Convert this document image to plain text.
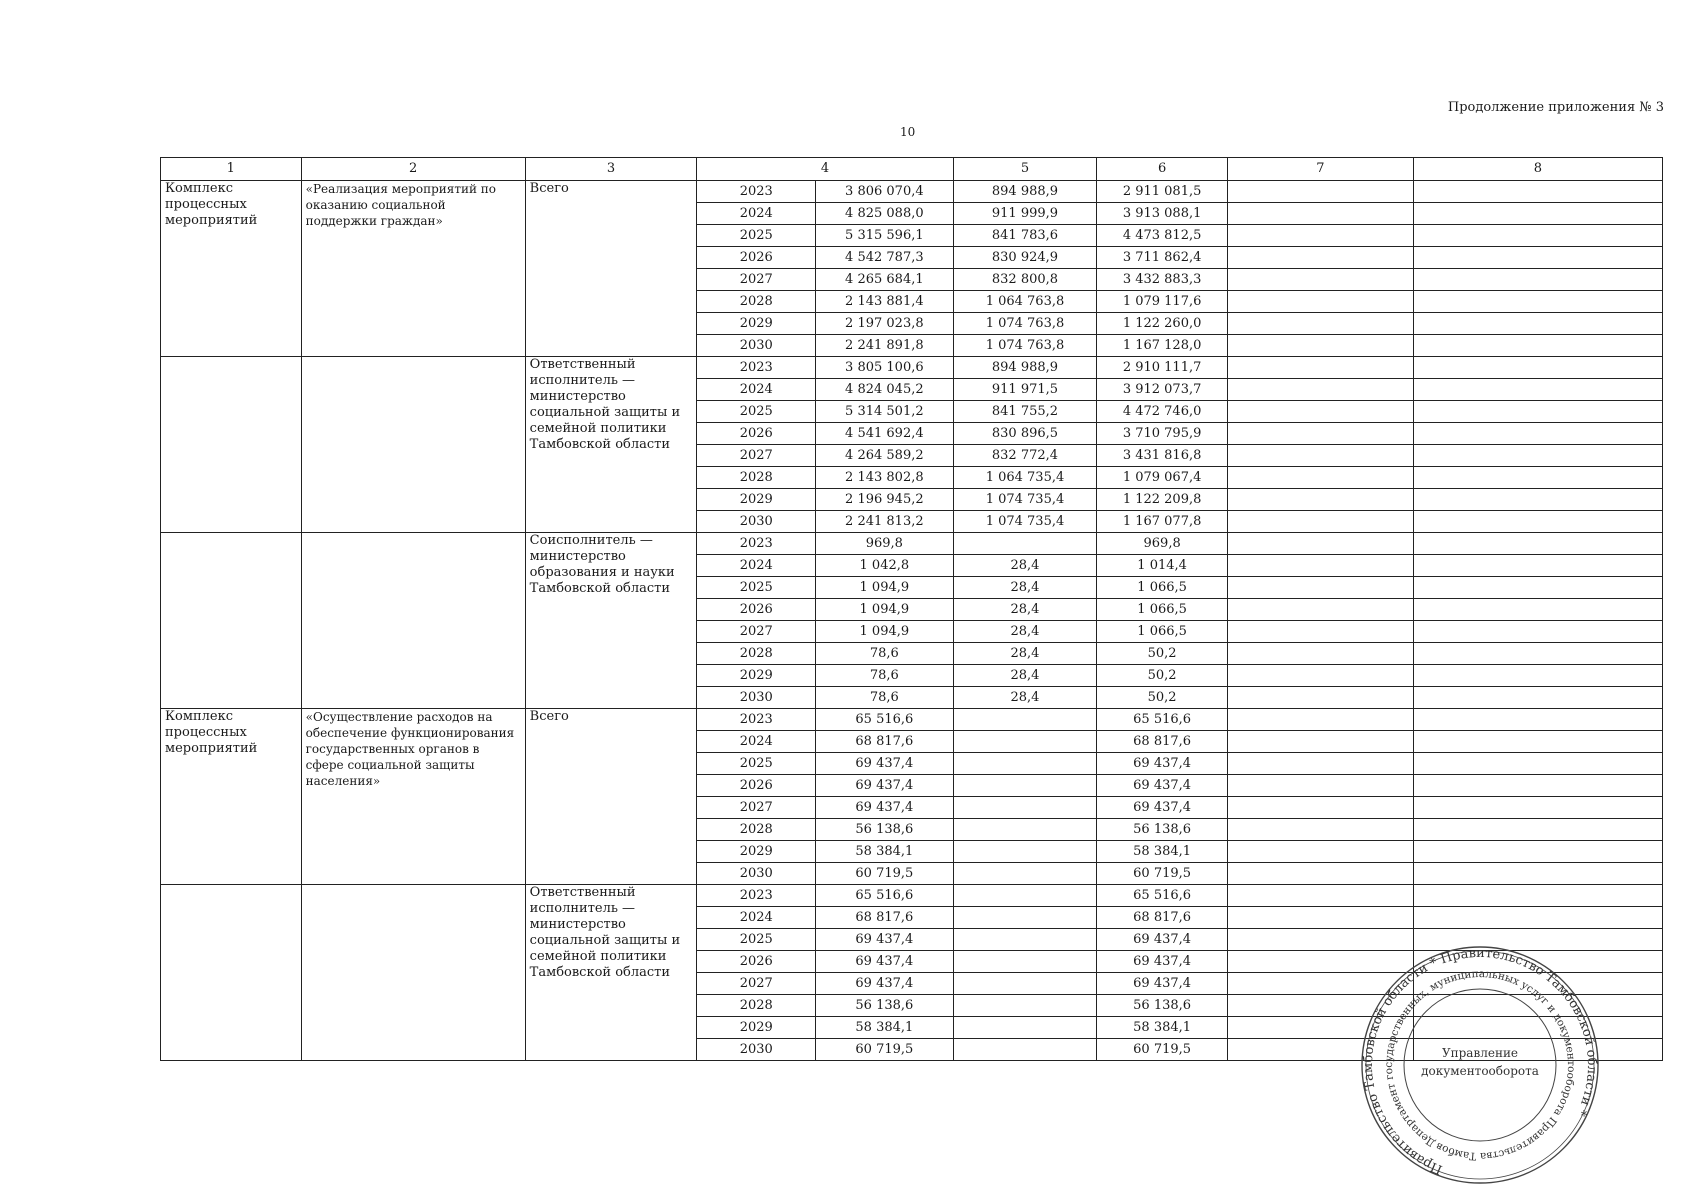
Продолжение приложения № 3
10
1	2	3	4		5	6	7	8
Комплекс процессных мероприятий	«Реализация мероприятий по оказанию социальной поддержки граждан»	Всего	2023	3 806 070,4	894 988,9	2 911 081,5		
			2024	4 825 088,0	911 999,9	3 913 088,1		
			2025	5 315 596,1	841 783,6	4 473 812,5		
			2026	4 542 787,3	830 924,9	3 711 862,4		
			2027	4 265 684,1	832 800,8	3 432 883,3		
			2028	2 143 881,4	1 064 763,8	1 079 117,6		
			2029	2 197 023,8	1 074 763,8	1 122 260,0		
			2030	2 241 891,8	1 074 763,8	1 167 128,0		
		Ответственный исполнитель — министерство социальной защиты и семейной политики Тамбовской области	2023	3 805 100,6	894 988,9	2 910 111,7		
			2024	4 824 045,2	911 971,5	3 912 073,7		
			2025	5 314 501,2	841 755,2	4 472 746,0		
			2026	4 541 692,4	830 896,5	3 710 795,9		
			2027	4 264 589,2	832 772,4	3 431 816,8		
			2028	2 143 802,8	1 064 735,4	1 079 067,4		
			2029	2 196 945,2	1 074 735,4	1 122 209,8		
			2030	2 241 813,2	1 074 735,4	1 167 077,8		
		Соисполнитель — министерство образования и науки Тамбовской области	2023	969,8		969,8		
			2024	1 042,8	28,4	1 014,4		
			2025	1 094,9	28,4	1 066,5		
			2026	1 094,9	28,4	1 066,5		
			2027	1 094,9	28,4	1 066,5		
			2028	78,6	28,4	50,2		
			2029	78,6	28,4	50,2		
			2030	78,6	28,4	50,2		
Комплекс процессных мероприятий	«Осуществление расходов на обеспечение функционирования государственных органов в сфере социальной защиты населения»	Всего	2023	65 516,6		65 516,6		
			2024	68 817,6		68 817,6		
			2025	69 437,4		69 437,4		
			2026	69 437,4		69 437,4		
			2027	69 437,4		69 437,4		
			2028	56 138,6		56 138,6		
			2029	58 384,1		58 384,1		
			2030	60 719,5		60 719,5		
		Ответственный исполнитель — министерство социальной защиты и семейной политики Тамбовской области	2023	65 516,6		65 516,6		
			2024	68 817,6		68 817,6		
			2025	69 437,4		69 437,4		
			2026	69 437,4		69 437,4		
			2027	69 437,4		69 437,4		
			2028	56 138,6		56 138,6		
			2029	58 384,1		58 384,1		
			2030	60 719,5		60 719,5		
Правительство Тамбовской области * Правительство Тамбовской области *
Департамент государственных, муниципальных услуг и документооборота Правительства Тамбовской
Управление
документооборота
